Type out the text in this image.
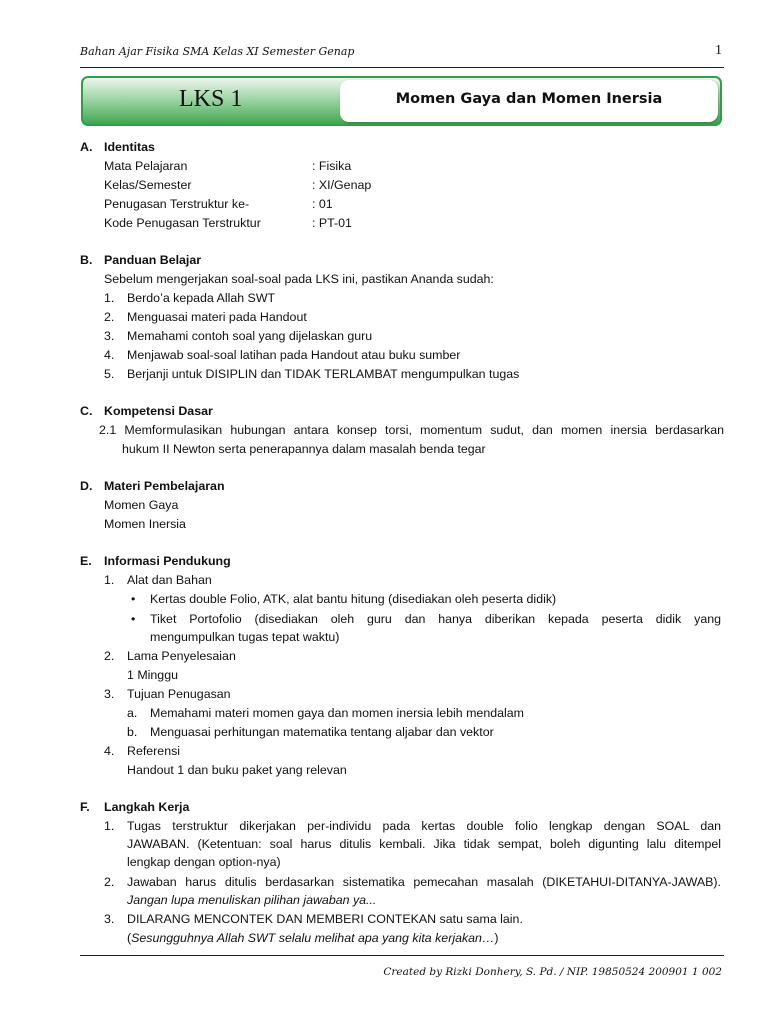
Bahan Ajar Fisika SMA Kelas XI Semester Genap	1
LKS 1	Momen Gaya dan Momen Inersia
A. Identitas
Mata Pelajaran	: Fisika
Kelas/Semester	: XI/Genap
Penugasan Terstruktur ke-	: 01
Kode Penugasan Terstruktur	: PT-01
B. Panduan Belajar
Sebelum mengerjakan soal-soal pada LKS ini, pastikan Ananda sudah:
1. Berdo’a kepada Allah SWT
2. Menguasai materi pada Handout
3. Memahami contoh soal yang dijelaskan guru
4. Menjawab soal-soal latihan pada Handout atau buku sumber
5. Berjanji untuk DISIPLIN dan TIDAK TERLAMBAT mengumpulkan tugas
C. Kompetensi Dasar
2.1 Memformulasikan hubungan antara konsep torsi, momentum sudut, dan momen inersia berdasarkan
hukum II Newton serta penerapannya dalam masalah benda tegar
D. Materi Pembelajaran
Momen Gaya
Momen Inersia
E. Informasi Pendukung
1. Alat dan Bahan
• Kertas double Folio, ATK, alat bantu hitung (disediakan oleh peserta didik)
• Tiket Portofolio (disediakan oleh guru dan hanya diberikan kepada peserta didik yang
mengumpulkan tugas tepat waktu)
2. Lama Penyelesaian
1 Minggu
3. Tujuan Penugasan
a. Memahami materi momen gaya dan momen inersia lebih mendalam
b. Menguasai perhitungan matematika tentang aljabar dan vektor
4. Referensi
Handout 1 dan buku paket yang relevan
F. Langkah Kerja
1. Tugas terstruktur dikerjakan per-individu pada kertas double folio lengkap dengan SOAL dan
JAWABAN. (Ketentuan: soal harus ditulis kembali. Jika tidak sempat, boleh digunting lalu ditempel
lengkap dengan option-nya)
2. Jawaban harus ditulis berdasarkan sistematika pemecahan masalah (DIKETAHUI-DITANYA-JAWAB).
Jangan lupa menuliskan pilihan jawaban ya...
3. DILARANG MENCONTEK DAN MEMBERI CONTEKAN satu sama lain.
(Sesungguhnya Allah SWT selalu melihat apa yang kita kerjakan…)
Created by Rizki Donhery, S. Pd. / NIP. 19850524 200901 1 002
